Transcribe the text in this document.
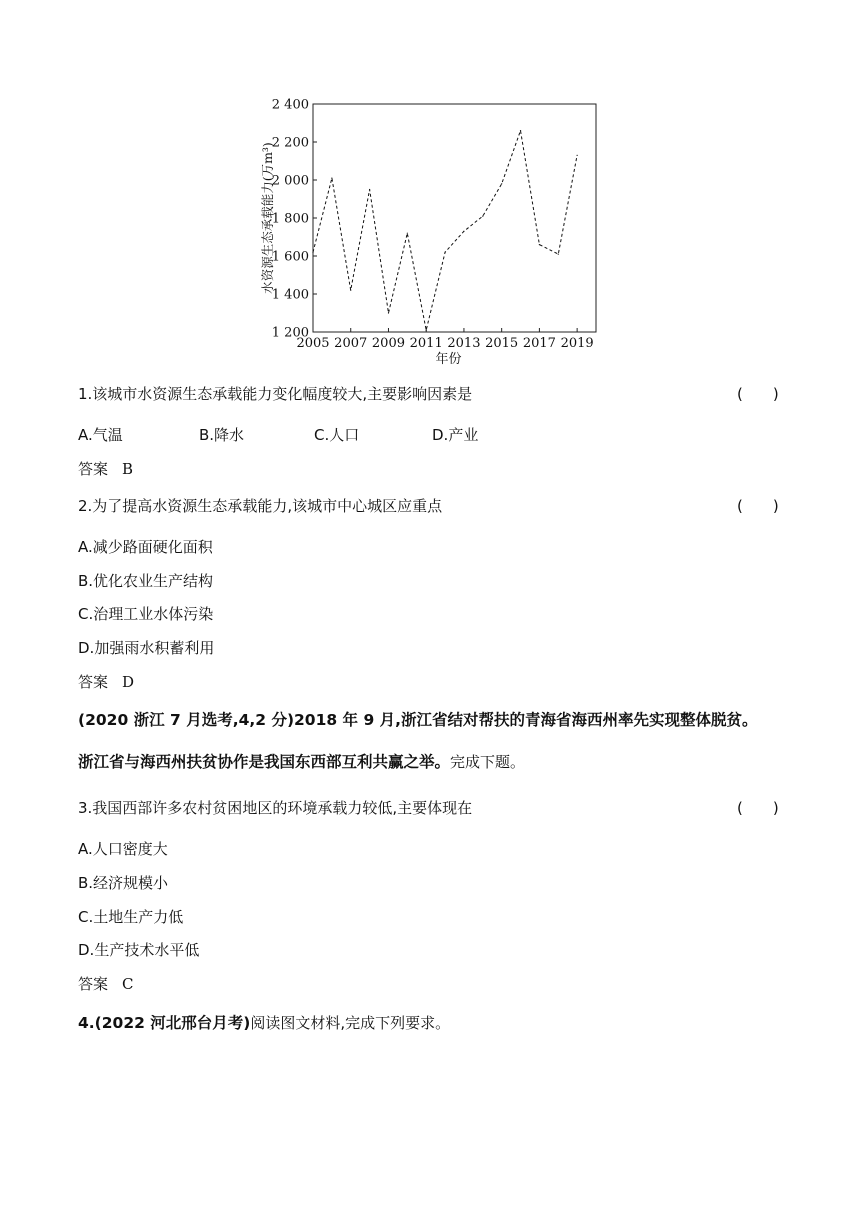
1 200
1 400
1 600
1 800
2 000
2 200
2 400
2005 2007 2009 2011 2013 2015 2017 2019
年份
水资源生态承载能力(万m³)
1.该城市水资源生态承载能力变化幅度较大,主要影响因素是	(　　)
A.气温	B.降水	C.人口	D.产业
答案 B
2.为了提高水资源生态承载能力,该城市中心城区应重点	(　　)
A.减少路面硬化面积
B.优化农业生产结构
C.治理工业水体污染
D.加强雨水积蓄利用
答案 D
(2020 浙江 7 月选考,4,2 分)2018 年 9 月,浙江省结对帮扶的青海省海西州率先实现整体脱贫。
浙江省与海西州扶贫协作是我国东西部互利共赢之举。完成下题。
3.我国西部许多农村贫困地区的环境承载力较低,主要体现在	(　　)
A.人口密度大
B.经济规模小
C.土地生产力低
D.生产技术水平低
答案 C
4.(2022 河北邢台月考)阅读图文材料,完成下列要求。
